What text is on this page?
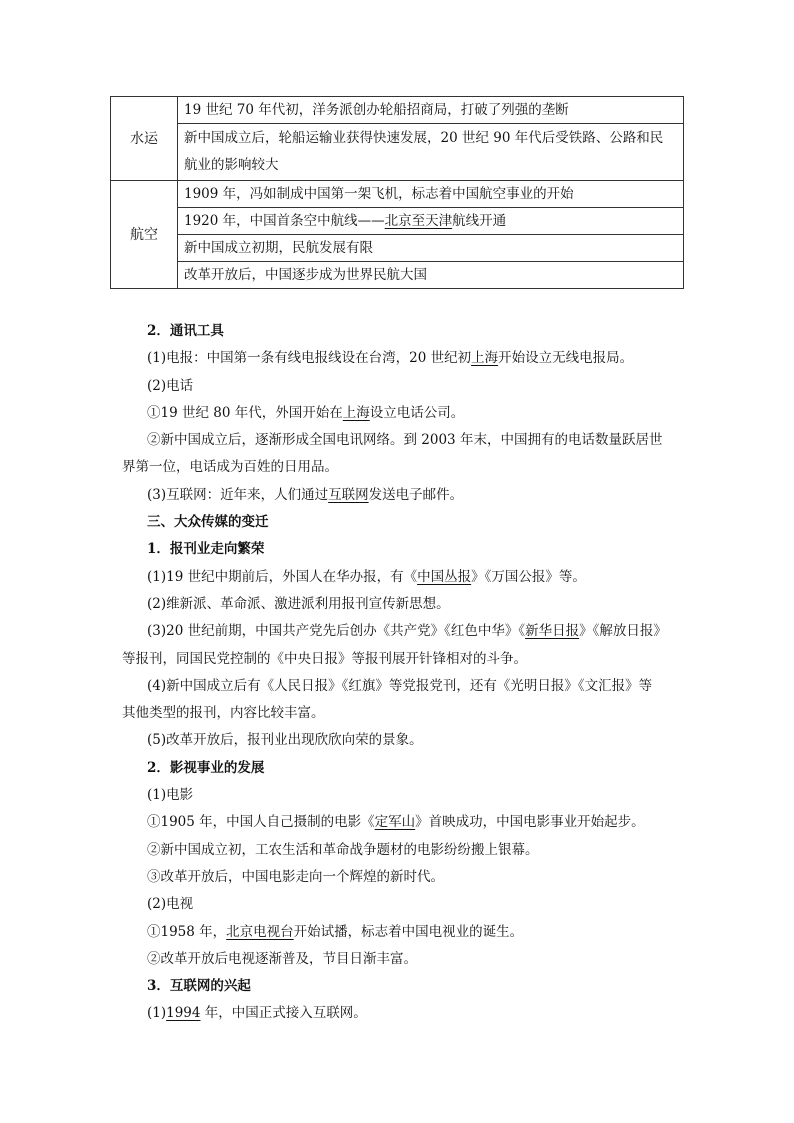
水运	19 世纪 70 年代初，洋务派创办轮船招商局，打破了列强的垄断

	新中国成立后，轮船运输业获得快速发展，20 世纪 90 年代后受铁路、公路和民
航业的影响较大

航空	1909 年，冯如制成中国第一架飞机，标志着中国航空事业的开始
	1920 年，中国首条空中航线——北京至天津航线开通
	新中国成立初期，民航发展有限
	改革开放后，中国逐步成为世界民航大国
2．通讯工具
(1)电报：中国第一条有线电报线设在台湾，20 世纪初上海开始设立无线电报局。
(2)电话
①19 世纪 80 年代，外国开始在上海设立电话公司。
②新中国成立后，逐渐形成全国电讯网络。到 2003 年末，中国拥有的电话数量跃居世
界第一位，电话成为百姓的日用品。
(3)互联网：近年来，人们通过互联网发送电子邮件。
三、大众传媒的变迁
1．报刊业走向繁荣
(1)19 世纪中期前后，外国人在华办报，有《中国丛报》《万国公报》等。
(2)维新派、革命派、激进派利用报刊宣传新思想。
(3)20 世纪前期，中国共产党先后创办《共产党》《红色中华》《新华日报》《解放日报》
等报刊，同国民党控制的《中央日报》等报刊展开针锋相对的斗争。
(4)新中国成立后有《人民日报》《红旗》等党报党刊，还有《光明日报》《文汇报》等
其他类型的报刊，内容比较丰富。
(5)改革开放后，报刊业出现欣欣向荣的景象。
2．影视事业的发展
(1)电影
①1905 年，中国人自己摄制的电影《定军山》首映成功，中国电影事业开始起步。
②新中国成立初，工农生活和革命战争题材的电影纷纷搬上银幕。
③改革开放后，中国电影走向一个辉煌的新时代。
(2)电视
①1958 年，北京电视台开始试播，标志着中国电视业的诞生。
②改革开放后电视逐渐普及，节目日渐丰富。
3．互联网的兴起
(1)1994 年，中国正式接入互联网。
